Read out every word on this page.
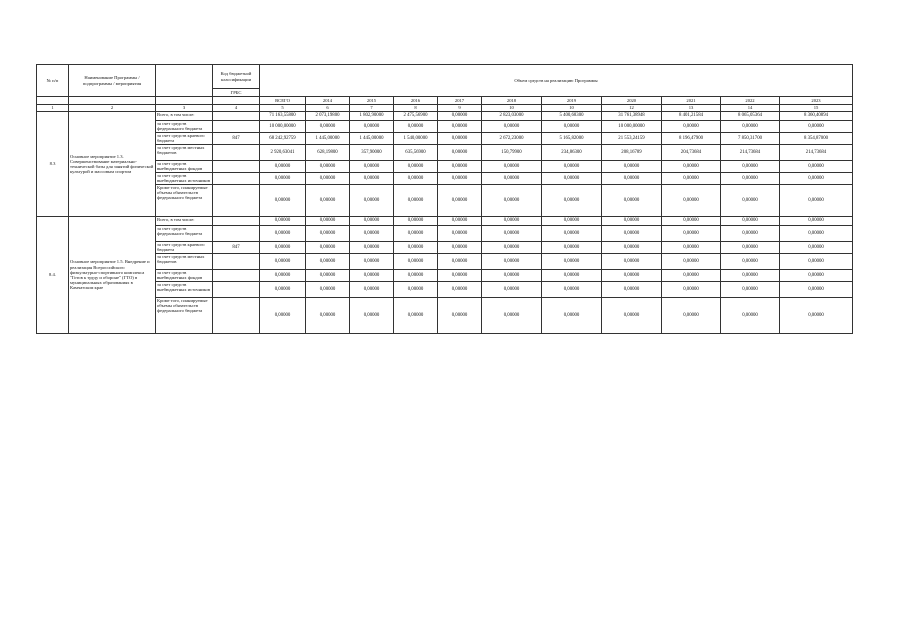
№ п/п	Наименование Программы / подпрограммы / мероприятия		Код бюджетной классификации	Объем средств на реализацию Программы										
			ГРБС											
				ВСЕГО	2014	2015	2016	2017	2018	2019	2020	2021	2022	2023
1	2	3	4	5	6	7	8	9	10	10	12	13	14	15
8.3	Основное мероприятие 1.3. Совершенствование материально-технической базы для занятий физической культурой и массовым спортом	Всего, в том числе:		71 163,55800	2 073,19800	1 802,90000	2 475,56900	0,00000	2 823,03000	5 400,68300	31 761,38948	8 401,21584	8 065,05364	8 360,40894
		за счет средств федерального бюджета		10 000,00000	0,00000	0,00000	0,00000	0,00000	0,00000	0,00000	10 000,00000	0,00000	0,00000	0,00000
		за счет средств краевого бюджета	847	68 242,92759	1 445,00000	1 445,00000	1 540,00000	0,00000	2 672,23000	5 165,82000	21 553,24159	8 196,47900	7 850,31700	8 354,87000
		за счет средств местных бюджетов		2 920,63041	628,19800	357,90000	635,56900	0,00000	150,79900	234,86300	208,16789	204,73684	214,73684	214,73684
		за счет средств внебюджетных фондов		0,00000	0,00000	0,00000	0,00000	0,00000	0,00000	0,00000	0,00000	0,00000	0,00000	0,00000
		за счет средств внебюджетных источников		0,00000	0,00000	0,00000	0,00000	0,00000	0,00000	0,00000	0,00000	0,00000	0,00000	0,00000
		Кроме того, планируемые объемы обязательств федерального бюджета		0,00000	0,00000	0,00000	0,00000	0,00000	0,00000	0,00000	0,00000	0,00000	0,00000	0,00000
8.4.	Основное мероприятие 1.5. Внедрение и реализация Всероссийского физкультурно-спортивного комплекса "Готов к труду и обороне" (ГТО) в муниципальных образованиях в Камчатском крае	Всего, в том числе:		0,00000	0,00000	0,00000	0,00000	0,00000	0,00000	0,00000	0,00000	0,00000	0,00000	0,00000
		за счет средств федерального бюджета		0,00000	0,00000	0,00000	0,00000	0,00000	0,00000	0,00000	0,00000	0,00000	0,00000	0,00000
		за счет средств краевого бюджета	847	0,00000	0,00000	0,00000	0,00000	0,00000	0,00000	0,00000	0,00000	0,00000	0,00000	0,00000
		за счет средств местных бюджетов		0,00000	0,00000	0,00000	0,00000	0,00000	0,00000	0,00000	0,00000	0,00000	0,00000	0,00000
		за счет средств внебюджетных фондов		0,00000	0,00000	0,00000	0,00000	0,00000	0,00000	0,00000	0,00000	0,00000	0,00000	0,00000
		за счет средств внебюджетных источников		0,00000	0,00000	0,00000	0,00000	0,00000	0,00000	0,00000	0,00000	0,00000	0,00000	0,00000
		Кроме того, планируемые объемы обязательств федерального бюджета		0,00000	0,00000	0,00000	0,00000	0,00000	0,00000	0,00000	0,00000	0,00000	0,00000	0,00000
